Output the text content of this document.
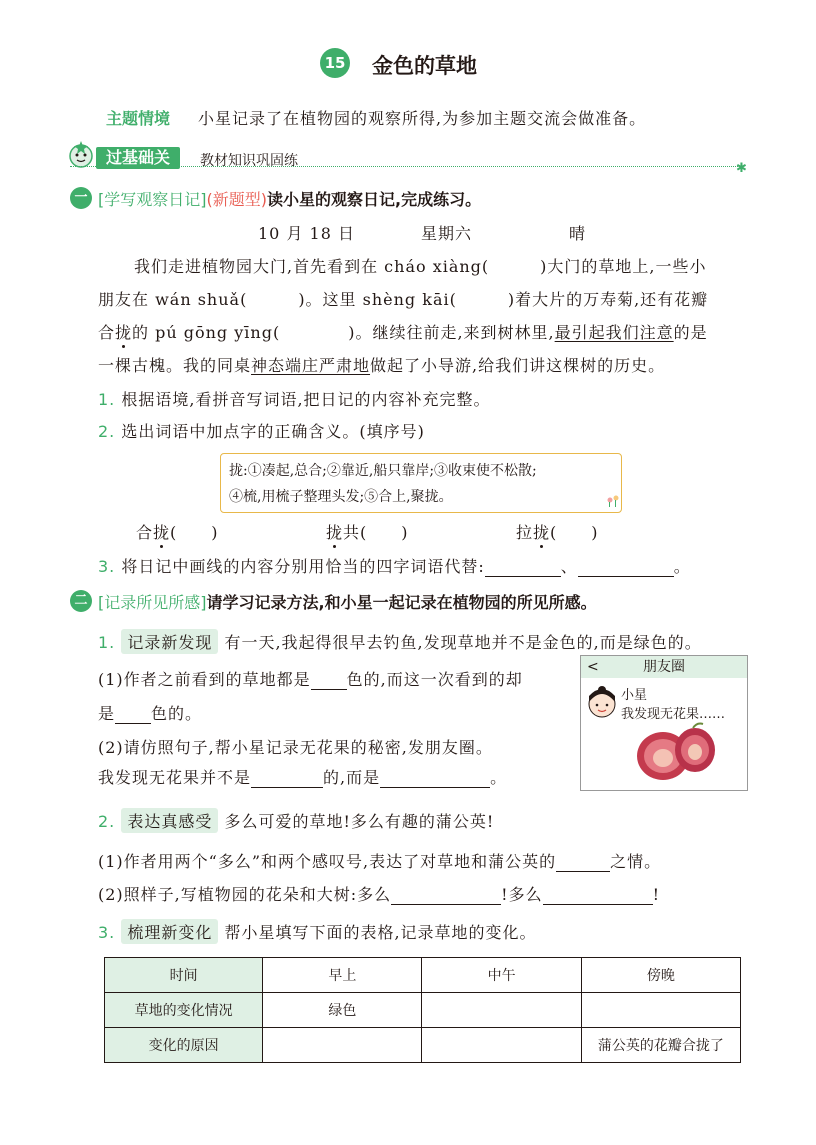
15 金色的草地
主题情境 小星记录了在植物园的观察所得,为参加主题交流会做准备。
过基础关	教材知识巩固练	✱
一 [学写观察日记](新题型)读小星的观察日记,完成练习。
10 月 18 日	星期六	晴
我们走进植物园大门,首先看到在 cháo xiàng(　　　)大门的草地上,一些小
朋友在 wán shuǎ(　　　)。这里 shèng kāi(　　　)着大片的万寿菊,还有花瓣
合拢的 pú gōng yīng(　　　　)。继续往前走,来到树林里,最引起我们注意的是
一棵古槐。我的同桌神态端庄严肃地做起了小导游,给我们讲这棵树的历史。
1. 根据语境,看拼音写词语,把日记的内容补充完整。
2. 选出词语中加点字的正确含义。(填序号)
拢:①凑起,总合;②靠近,船只靠岸;③收束使不松散;
④梳,用梳子整理头发;⑤合上,聚拢。
合拢(　　)	拢共(　　)	拉拢(　　)
3. 将日记中画线的内容分别用恰当的四字词语代替:	、	。
二 [记录所见所感]请学习记录方法,和小星一起记录在植物园的所见所感。
1. 记录新发现 有一天,我起得很早去钓鱼,发现草地并不是金色的,而是绿色的。
(1)作者之前看到的草地都是 色的,而这一次看到的却
是 色的。
(2)请仿照句子,帮小星记录无花果的秘密,发朋友圈。
我发现无花果并不是	的,而是	。
朋友圈
<
小星
我发现无花果……
2. 表达真感受 多么可爱的草地!多么有趣的蒲公英!
(1)作者用两个“多么”和两个感叹号,表达了对草地和蒲公英的	之情。
(2)照样子,写植物园的花朵和大树:多么	!多么	!
3. 梳理新变化 帮小星填写下面的表格,记录草地的变化。
时间	早上	中午	傍晚
草地的变化情况	绿色		
变化的原因			蒲公英的花瓣合拢了
